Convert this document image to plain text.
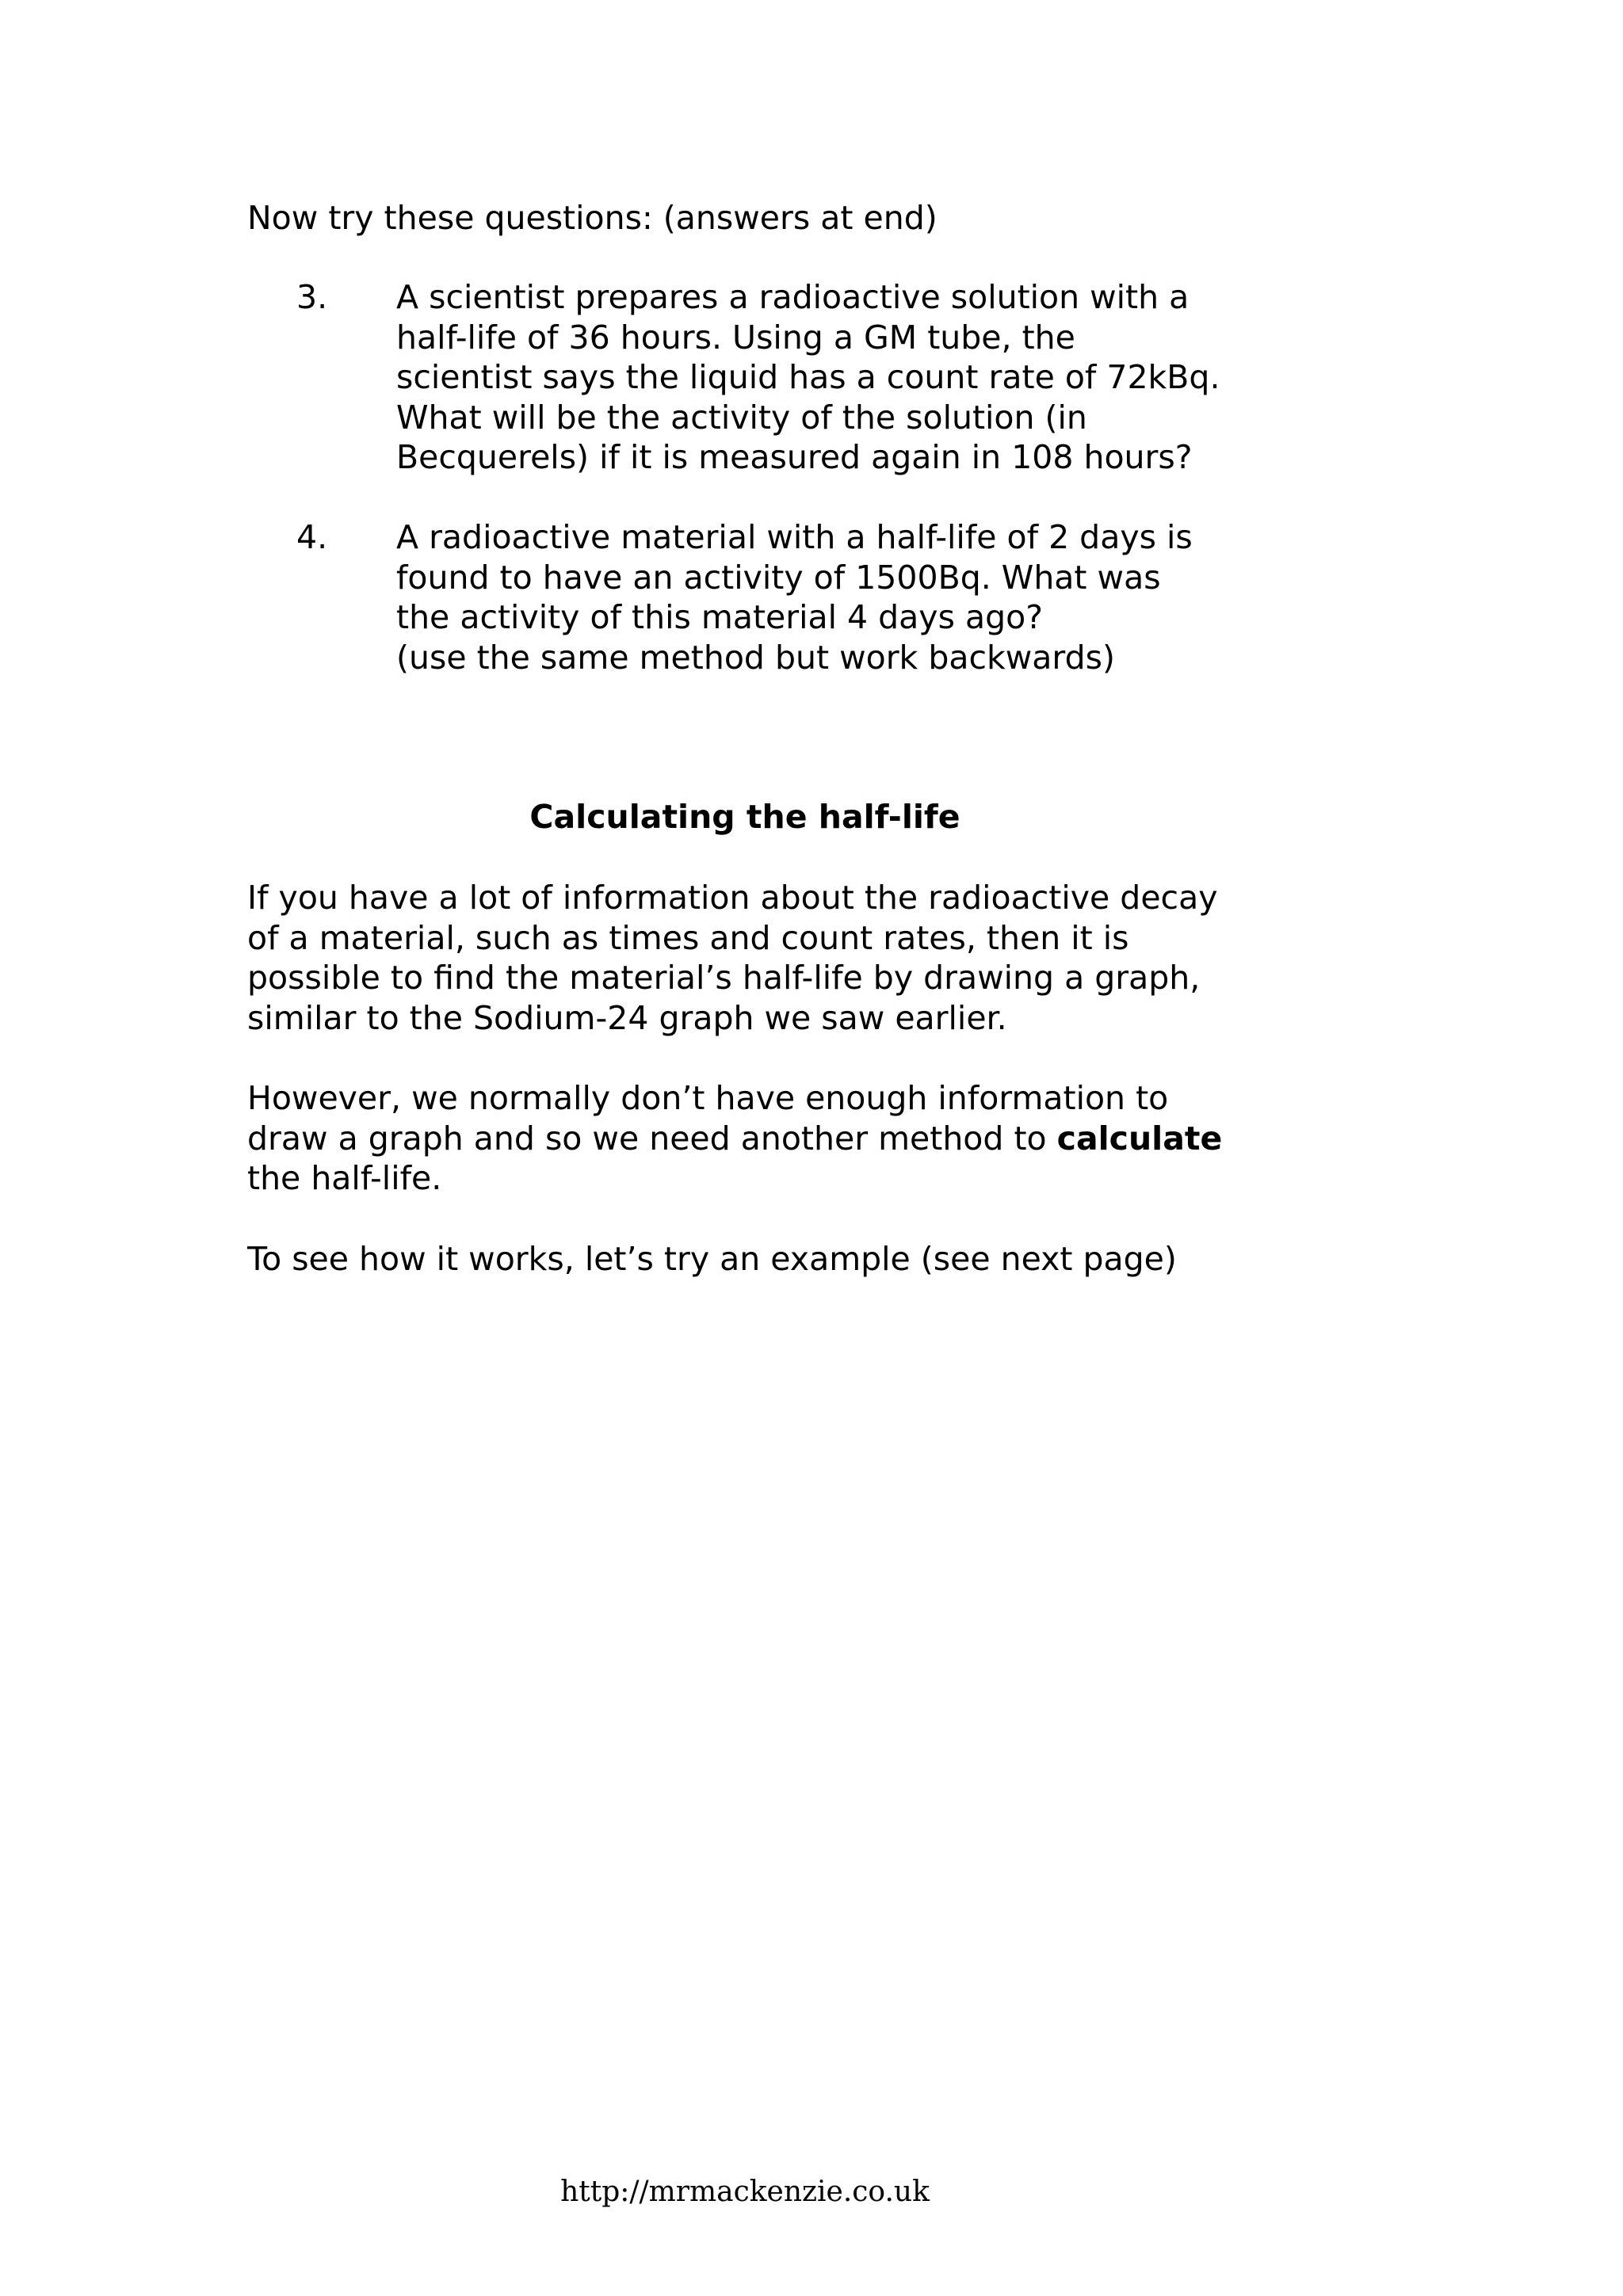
Now try these questions: (answers at end)

3. A scientist prepares a radioactive solution with a
half-life of 36 hours. Using a GM tube, the
scientist says the liquid has a count rate of 72kBq.
What will be the activity of the solution (in
Becquerels) if it is measured again in 108 hours?

4. A radioactive material with a half-life of 2 days is
found to have an activity of 1500Bq. What was
the activity of this material 4 days ago?
(use the same method but work backwards)
Calculating the half-life
If you have a lot of information about the radioactive decay
of a material, such as times and count rates, then it is
possible to find the material’s half-life by drawing a graph,
similar to the Sodium-24 graph we saw earlier.
However, we normally don’t have enough information to
draw a graph and so we need another method to calculate
the half-life.
To see how it works, let’s try an example (see next page)

http://mrmackenzie.co.uk
